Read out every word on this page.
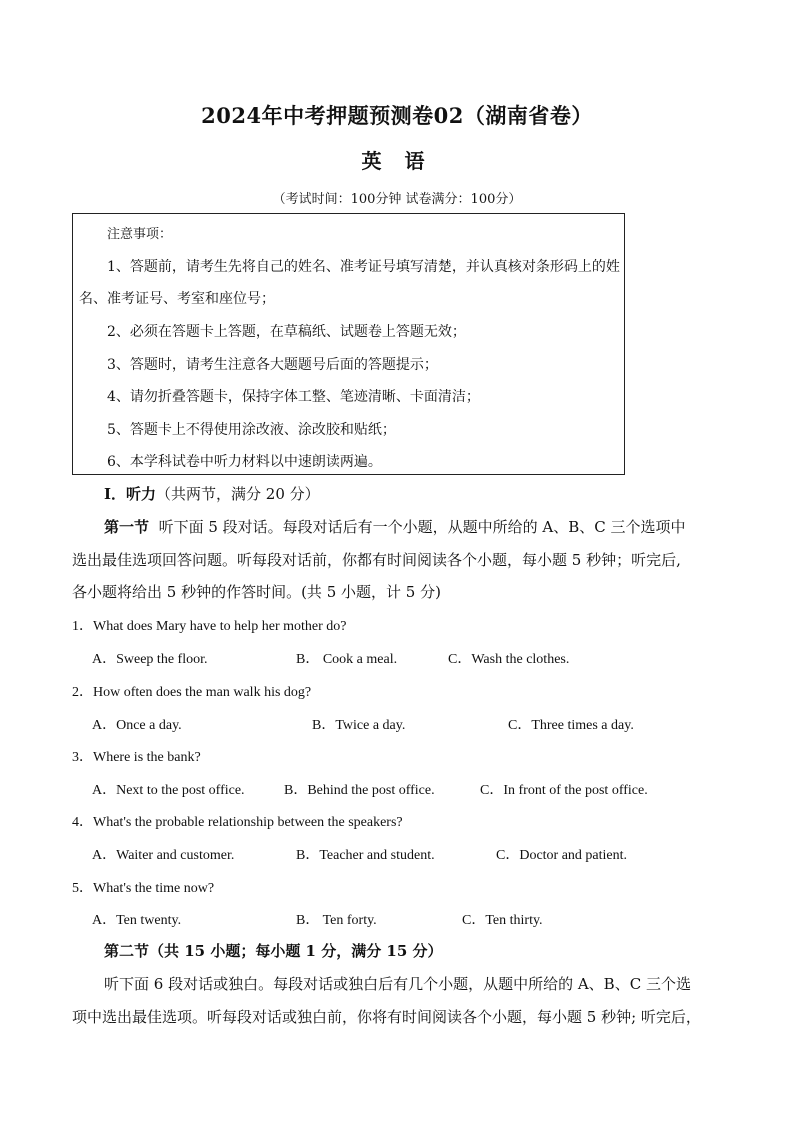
2024年中考押题预测卷02（湖南省卷）
英 语
（考试时间：100分钟 试卷满分：100分）
注意事项：
1、答题前，请考生先将自己的姓名、准考证号填写清楚，并认真核对条形码上的姓
名、准考证号、考室和座位号；
2、必须在答题卡上答题，在草稿纸、试题卷上答题无效；
3、答题时，请考生注意各大题题号后面的答题提示；
4、请勿折叠答题卡，保持字体工整、笔迹清晰、卡面清洁；
5、答题卡上不得使用涂改液、涂改胶和贴纸；
6、本学科试卷中听力材料以中速朗读两遍。
I．听力（共两节，满分 20 分）
第一节 听下面 5 段对话。每段对话后有一个小题，从题中所给的 A、B、C 三个选项中
选出最佳选项回答问题。听每段对话前，你都有时间阅读各个小题，每小题 5 秒钟；听完后,
各小题将给出 5 秒钟的作答时间。(共 5 小题，计 5 分)
1．What does Mary have to help her mother do?
A．Sweep the floor.	B． Cook a meal.	C．Wash the clothes.
2．How often does the man walk his dog?
A．Once a day.	B．Twice a day.	C．Three times a day.
3．Where is the bank?
A．Next to the post office.	B．Behind the post office.	C．In front of the post office.
4．What's the probable relationship between the speakers?
A．Waiter and customer.	B．Teacher and student.	C．Doctor and patient.
5．What's the time now?
A．Ten twenty.	B． Ten forty.	C．Ten thirty.
第二节（共 15 小题；每小题 1 分，满分 15 分）
听下面 6 段对话或独白。每段对话或独白后有几个小题，从题中所给的 A、B、C 三个选
项中选出最佳选项。听每段对话或独白前，你将有时间阅读各个小题，每小题 5 秒钟; 听完后，
